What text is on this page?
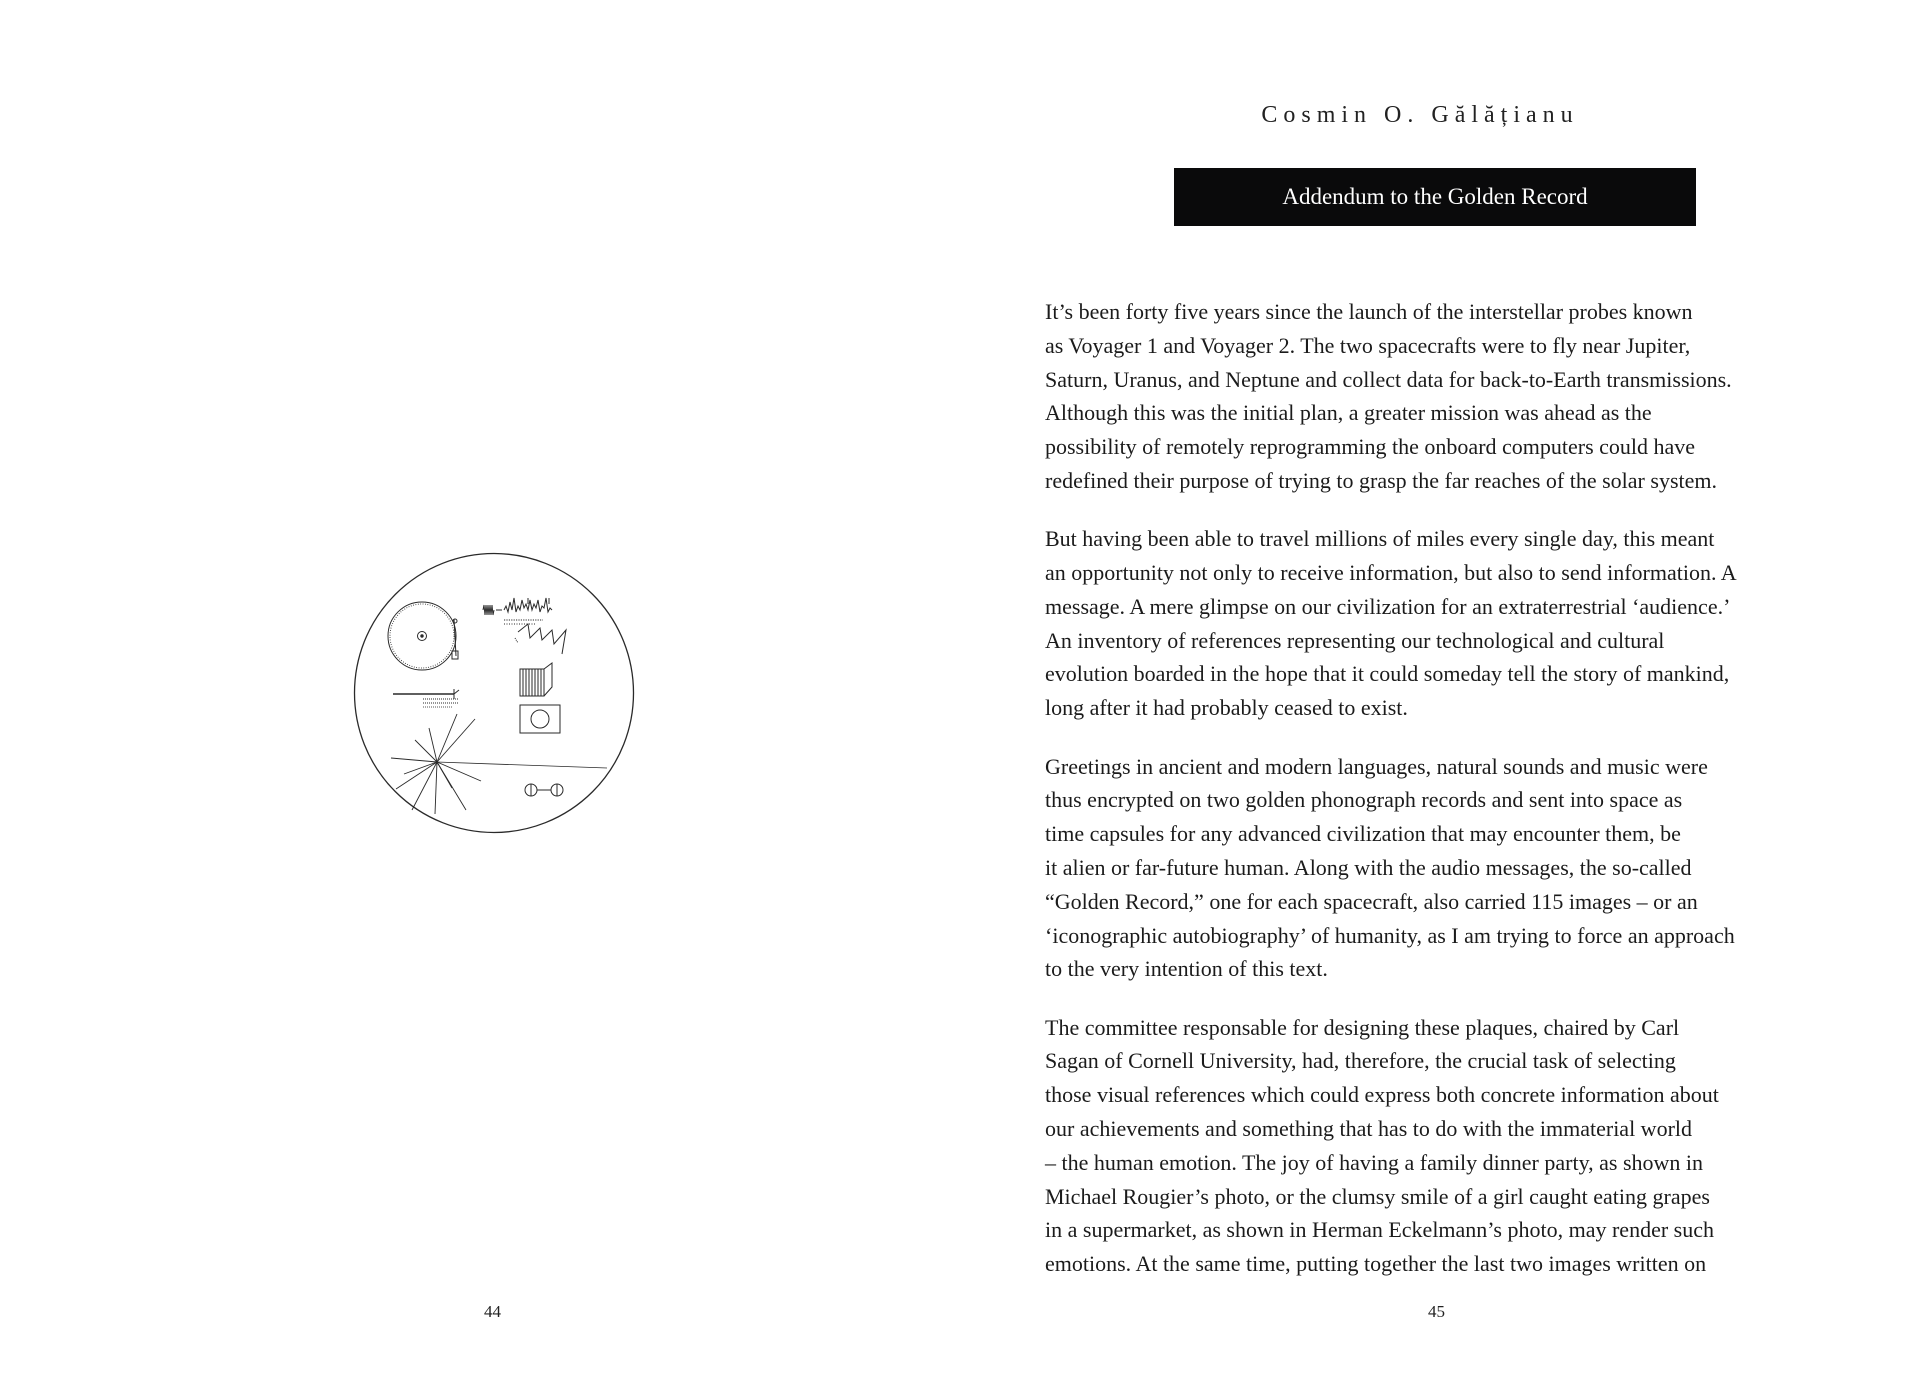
44
Cosmin O. Gălățianu
Addendum to the Golden Record

It’s been forty five years since the launch of the interstellar probes known
as Voyager 1 and Voyager 2. The two spacecrafts were to fly near Jupiter,
Saturn, Uranus, and Neptune and collect data for back-to-Earth transmissions.
Although this was the initial plan, a greater mission was ahead as the
possibility of remotely reprogramming the onboard computers could have
redefined their purpose of trying to grasp the far reaches of the solar system.

But having been able to travel millions of miles every single day, this meant
an opportunity not only to receive information, but also to send information. A
message. A mere glimpse on our civilization for an extraterrestrial ‘audience.’
An inventory of references representing our technological and cultural
evolution boarded in the hope that it could someday tell the story of mankind,
long after it had probably ceased to exist.

Greetings in ancient and modern languages, natural sounds and music were
thus encrypted on two golden phonograph records and sent into space as
time capsules for any advanced civilization that may encounter them, be
it alien or far-future human. Along with the audio messages, the so-called
“Golden Record,” one for each spacecraft, also carried 115 images – or an
‘iconographic autobiography’ of humanity, as I am trying to force an approach
to the very intention of this text.

The committee responsable for designing these plaques, chaired by Carl
Sagan of Cornell University, had, therefore, the crucial task of selecting
those visual references which could express both concrete information about
our achievements and something that has to do with the immaterial world
– the human emotion. The joy of having a family dinner party, as shown in
Michael Rougier’s photo, or the clumsy smile of a girl caught eating grapes
in a supermarket, as shown in Herman Eckelmann’s photo, may render such
emotions. At the same time, putting together the last two images written on

45
